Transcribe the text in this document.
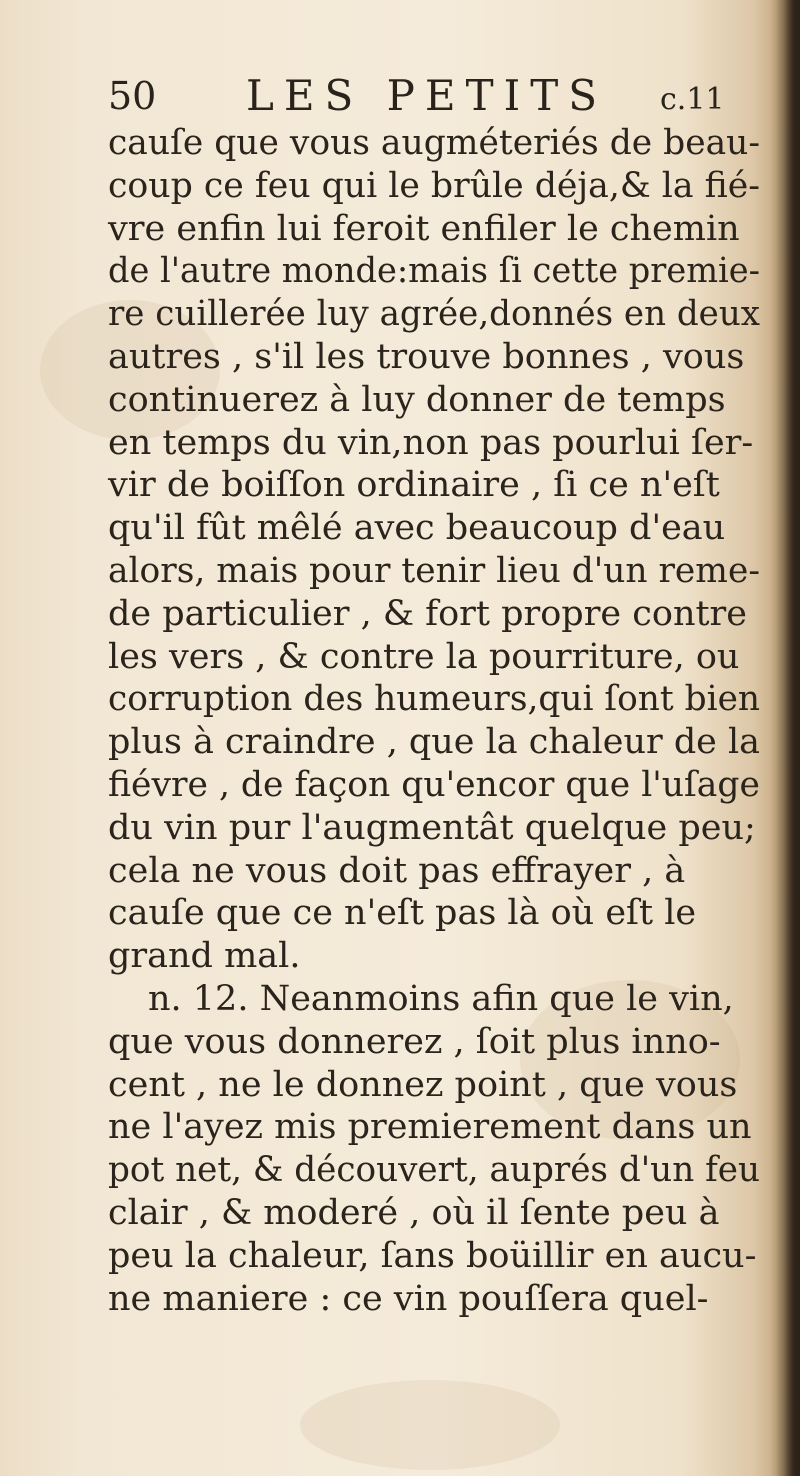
50 LES PETITS c.11
cauſe que vous augméteriés de beau-
coup ce feu qui le brûle déja,& la fié-
vre enfin lui feroit enfiler le chemin
de l'autre monde:mais ſi cette premie-
re cuillerée luy agrée,donnés en deux
autres , s'il les trouve bonnes , vous
continuerez à luy donner de temps
en temps du vin,non pas pourlui ſer-
vir de boiſſon ordinaire , ſi ce n'eſt
qu'il fût mêlé avec beaucoup d'eau
alors, mais pour tenir lieu d'un reme-
de particulier , & fort propre contre
les vers , & contre la pourriture, ou
corruption des humeurs,qui ſont bien
plus à craindre , que la chaleur de la
fiévre , de façon qu'encor que l'uſage
du vin pur l'augmentât quelque peu;
cela ne vous doit pas effrayer , à
cauſe que ce n'eſt pas là où eſt le
grand mal.
n. 12. Neanmoins afin que le vin,
que vous donnerez , ſoit plus inno-
cent , ne le donnez point , que vous
ne l'ayez mis premierement dans un
pot net, & découvert, auprés d'un feu
clair , & moderé , où il ſente peu à
peu la chaleur, ſans boüillir en aucu-
ne maniere : ce vin pouſſera quel-
